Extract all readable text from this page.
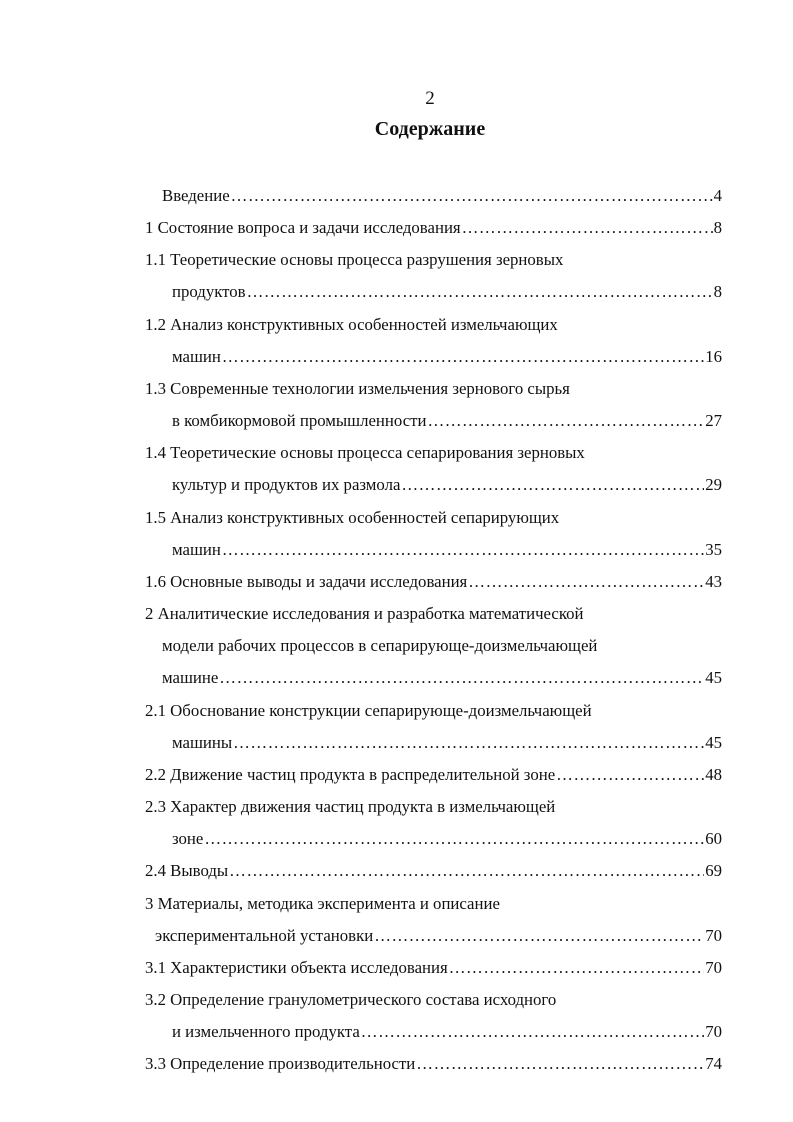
2
Содержание
Введение …………………………………………………………………………………………………………………………………………………	4
1 Состояние вопроса и задачи исследования …………………………………………………………………………………………………………………………………………………	8
1.1 Теоретические основы процесса разрушения зерновых
продуктов …………………………………………………………………………………………………………………………………………………	8
1.2 Анализ конструктивных особенностей измельчающих
машин …………………………………………………………………………………………………………………………………………………	16
1.3 Современные технологии измельчения зернового сырья
в комбикормовой промышленности …………………………………………………………………………………………………………………………………………………	27
1.4 Теоретические основы процесса сепарирования зерновых
культур и продуктов их размола …………………………………………………………………………………………………………………………………………………	29
1.5 Анализ конструктивных особенностей сепарирующих
машин …………………………………………………………………………………………………………………………………………………	35
1.6 Основные выводы и задачи исследования …………………………………………………………………………………………………………………………………………………	43
2 Аналитические исследования и разработка математической
модели рабочих процессов в сепарирующе-доизмельчающей
машине …………………………………………………………………………………………………………………………………………………	45
2.1 Обоснование конструкции сепарирующе-доизмельчающей
машины …………………………………………………………………………………………………………………………………………………	45
2.2 Движение частиц продукта в распределительной зоне …………………………………………………………………………………………………………………………………………………	48
2.3 Характер движения частиц продукта в измельчающей
зоне …………………………………………………………………………………………………………………………………………………	60
2.4 Выводы …………………………………………………………………………………………………………………………………………………	69
3 Материалы, методика эксперимента и описание
экспериментальной установки …………………………………………………………………………………………………………………………………………………	70
3.1 Характеристики объекта исследования …………………………………………………………………………………………………………………………………………………	70
3.2 Определение гранулометрического состава исходного
и измельченного продукта …………………………………………………………………………………………………………………………………………………	70
3.3 Определение производительности …………………………………………………………………………………………………………………………………………………	74
